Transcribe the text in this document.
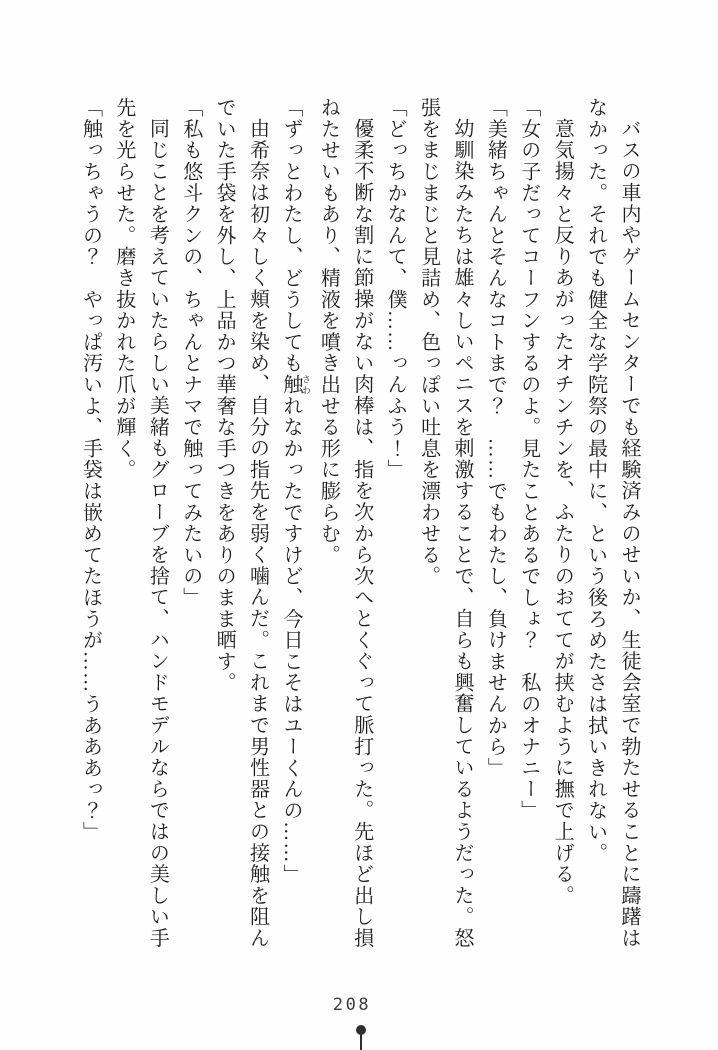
バスの車内やゲームセンターでも経験済みのせいか、生徒会室で勃たせることに躊躇は
なかった。それでも健全な学院祭の最中に、という後ろめたさは拭いきれない。
意気揚々と反りあがったオチンチンを、ふたりのおててが挟むように撫で上げる。
「女の子だってコーフンするのよ。見たことあるでしょ？　私のオナニー」
「美緒ちゃんとそんなコトまで？　……でもわたし、負けませんから」
幼馴染みたちは雄々しいペニスを刺激することで、自らも興奮しているようだった。怒
張をまじまじと見詰め、色っぽい吐息を漂わせる。
「どっちかなんて、僕……っんふう！」
優柔不断な割に節操がない肉棒は、指を次から次へとくぐって脈打った。先ほど出し損
ねたせいもあり、精液を噴き出せる形に膨らむ。
「ずっとわたし、どうしても触 さわれなかったですけど、今日こそはユーくんの……」
由希奈は初々しく頬を染め、自分の指先を弱く噛んだ。これまで男性器との接触を阻ん
でいた手袋を外し、上品かつ華奢な手つきをありのまま晒す。
「私も悠斗クンの、ちゃんとナマで触ってみたいの」
同じことを考えていたらしい美緒もグローブを捨て、ハンドモデルならではの美しい手
先を光らせた。磨き抜かれた爪が輝く。
「触っちゃうの？　やっぱ汚いよ、手袋は嵌めてたほうが……うあああっ？」
208
